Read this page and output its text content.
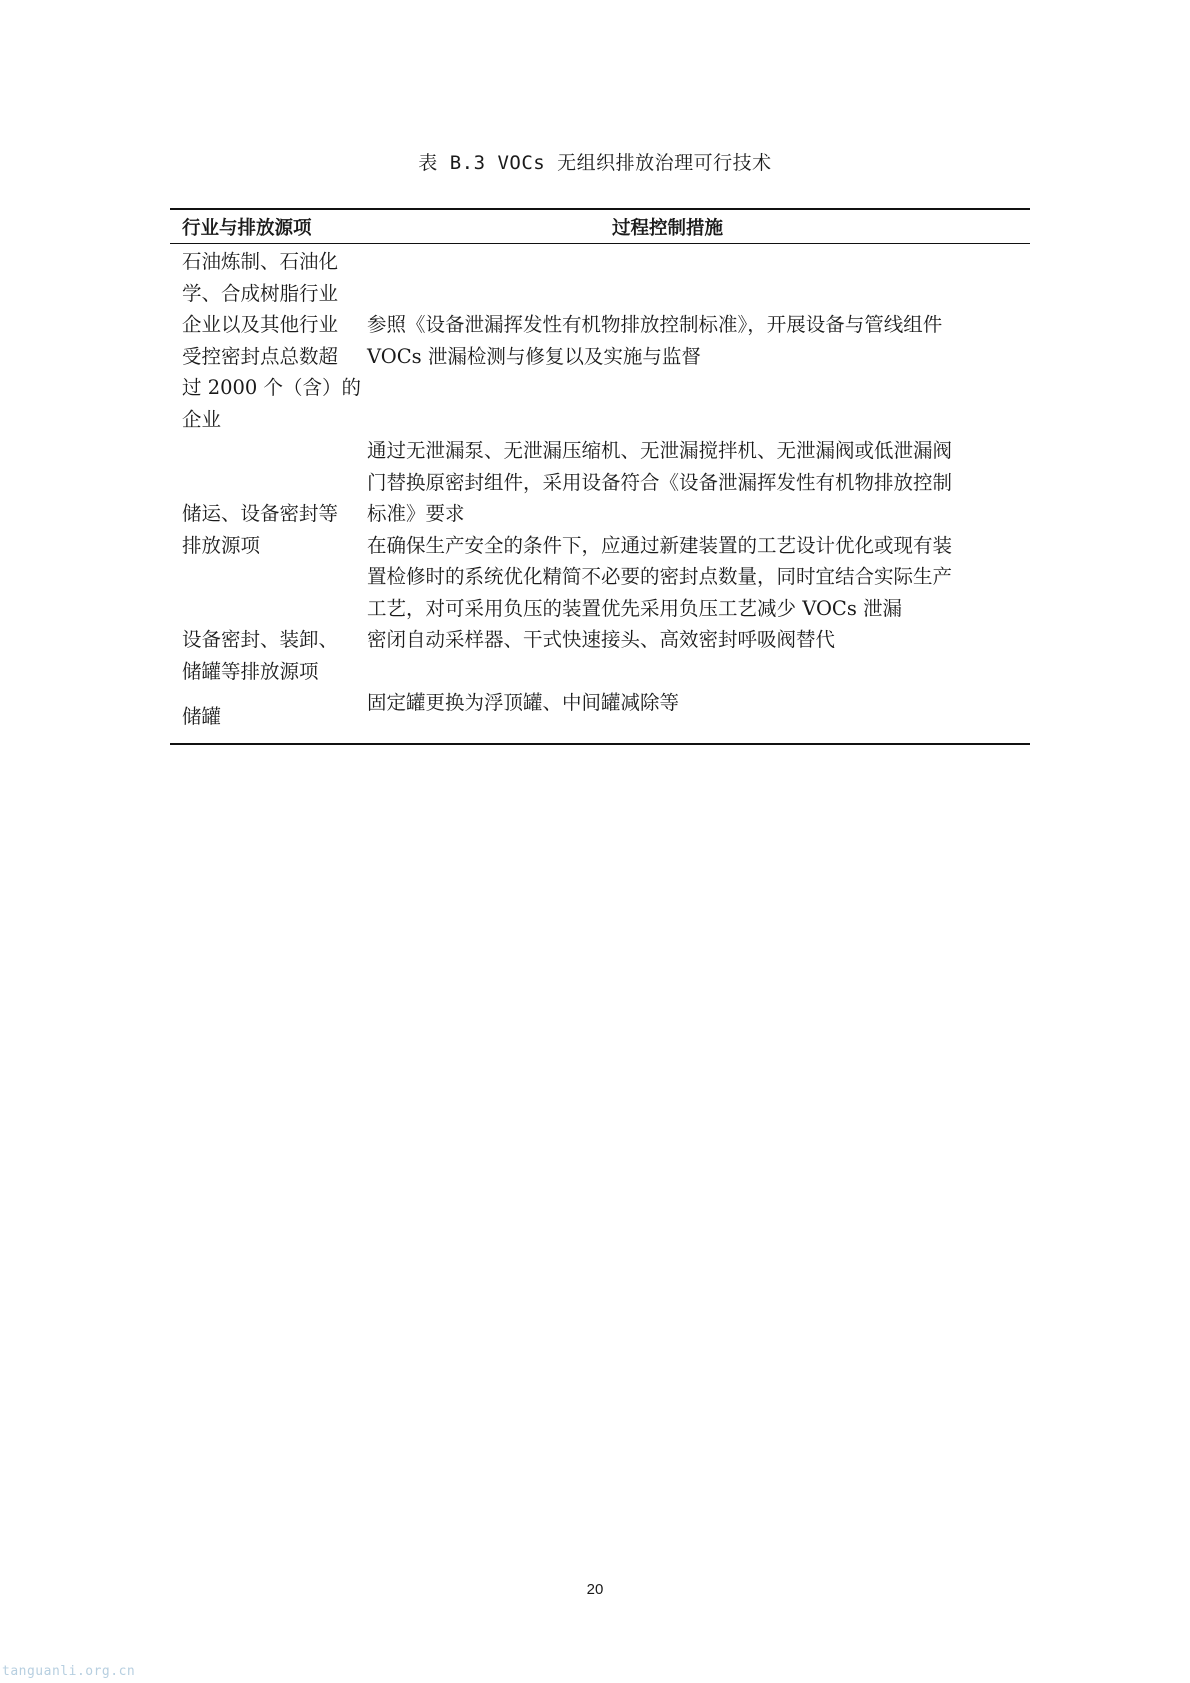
表 B.3 VOCs 无组织排放治理可行技术
行业与排放源项	过程控制措施
石油炼制、石油化
学、合成树脂行业
企业以及其他行业
受控密封点总数超
过 2000 个（含）的
企业
参照《设备泄漏挥发性有机物排放控制标准》，开展设备与管线组件
VOCs 泄漏检测与修复以及实施与监督
储运、设备密封等
排放源项
通过无泄漏泵、无泄漏压缩机、无泄漏搅拌机、无泄漏阀或低泄漏阀
门替换原密封组件，采用设备符合《设备泄漏挥发性有机物排放控制
标准》要求
在确保生产安全的条件下，应通过新建装置的工艺设计优化或现有装
置检修时的系统优化精简不必要的密封点数量，同时宜结合实际生产
工艺，对可采用负压的装置优先采用负压工艺减少 VOCs 泄漏
设备密封、装卸、
储罐等排放源项
密闭自动采样器、干式快速接头、高效密封呼吸阀替代
储罐
固定罐更换为浮顶罐、中间罐减除等
20
tanguanli.org.cn
